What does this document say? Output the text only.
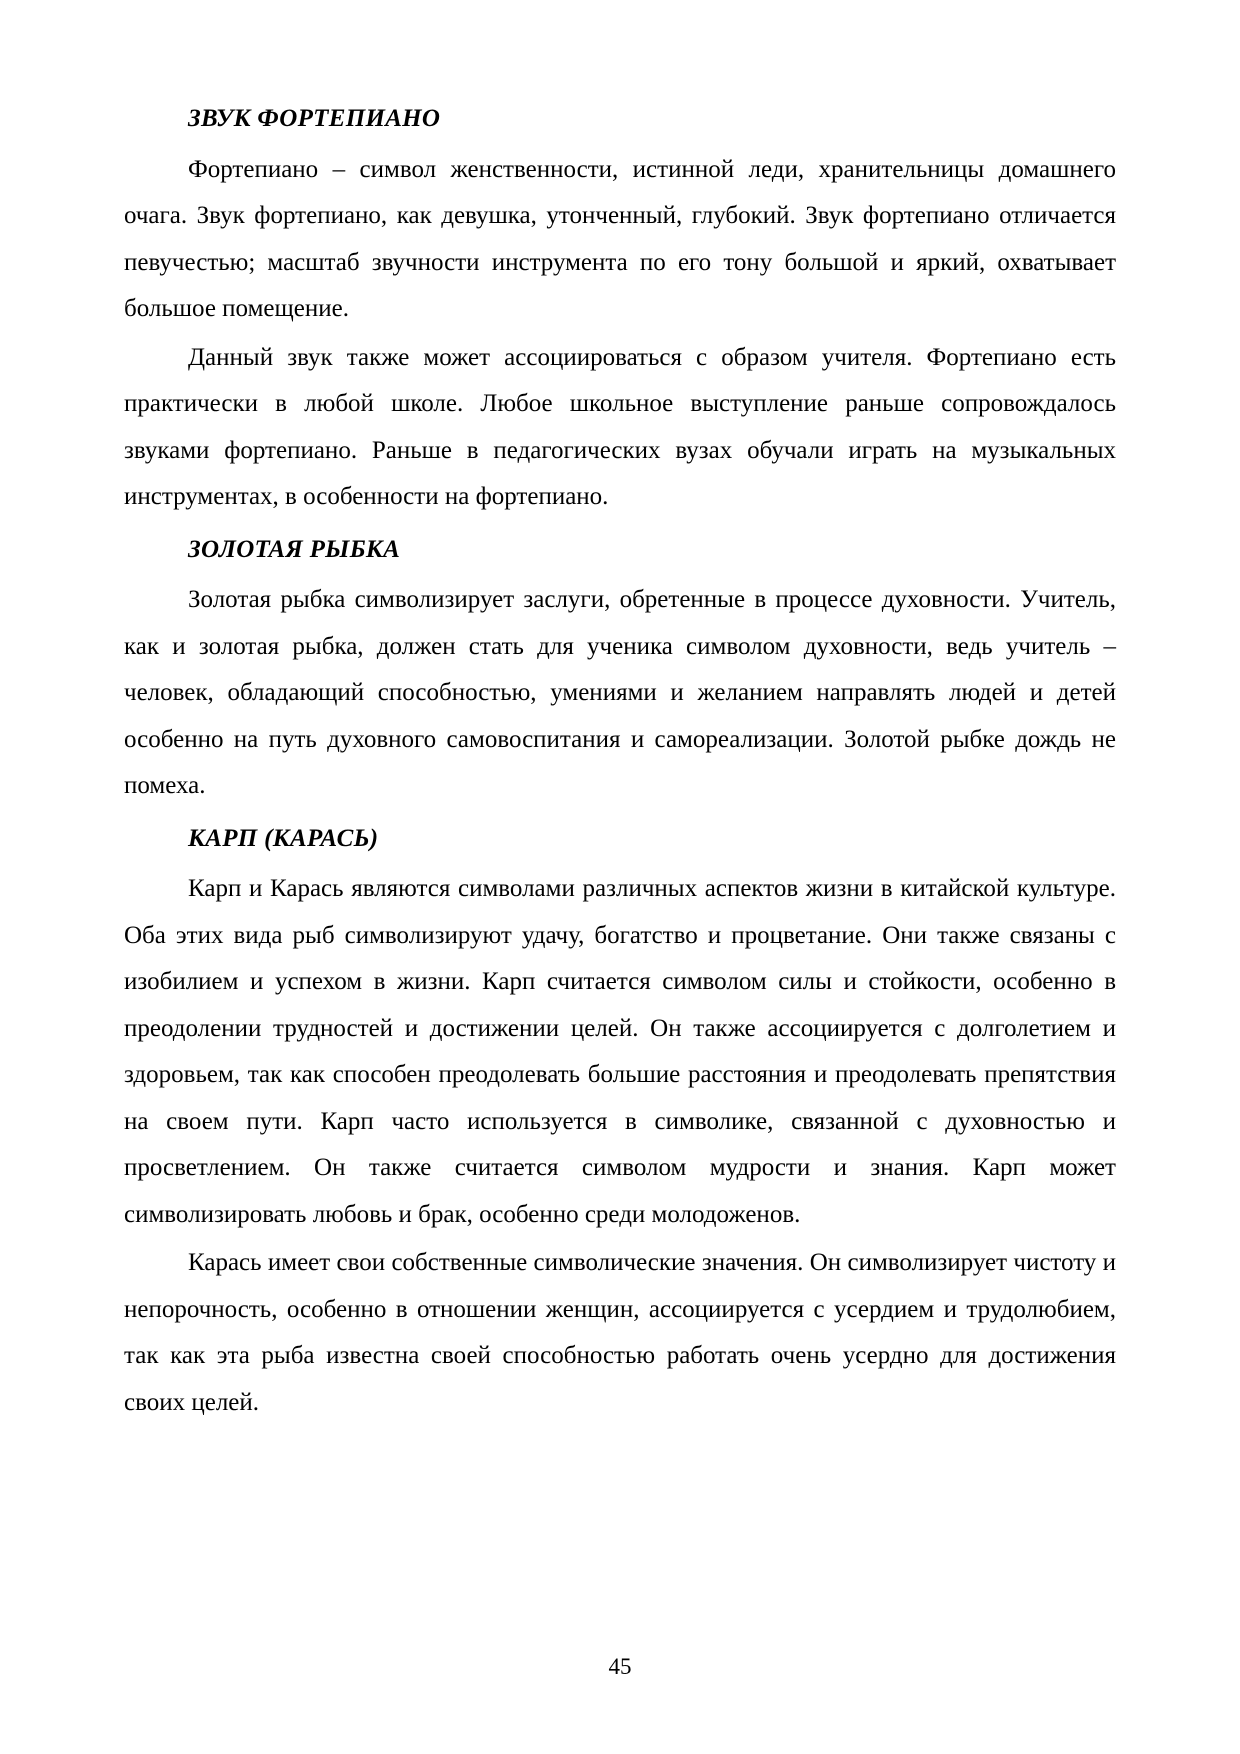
ЗВУК ФОРТЕПИАНО

Фортепиано – символ женственности, истинной леди, хранительницы домашнего очага. Звук фортепиано, как девушка, утонченный, глубокий. Звук фортепиано отличается певучестью; масштаб звучности инструмента по его тону большой и яркий, охватывает большое помещение.

Данный звук также может ассоциироваться с образом учителя. Фортепиано есть практически в любой школе. Любое школьное выступление раньше сопровождалось звуками фортепиано. Раньше в педагогических вузах обучали играть на музыкальных инструментах, в особенности на фортепиано.

ЗОЛОТАЯ РЫБКА

Золотая рыбка символизирует заслуги, обретенные в процессе духовности. Учитель, как и золотая рыбка, должен стать для ученика символом духовности, ведь учитель – человек, обладающий способностью, умениями и желанием направлять людей и детей особенно на путь духовного самовоспитания и самореализации. Золотой рыбке дождь не помеха.

КАРП (КАРАСЬ)

Карп и Карась являются символами различных аспектов жизни в китайской культуре. Оба этих вида рыб символизируют удачу, богатство и процветание. Они также связаны с изобилием и успехом в жизни. Карп считается символом силы и стойкости, особенно в преодолении трудностей и достижении целей. Он также ассоциируется с долголетием и здоровьем, так как способен преодолевать большие расстояния и преодолевать препятствия на своем пути. Карп часто используется в символике, связанной с духовностью и просветлением. Он также считается символом мудрости и знания. Карп может символизировать любовь и брак, особенно среди молодоженов.

Карась имеет свои собственные символические значения. Он символизирует чистоту и непорочность, особенно в отношении женщин, ассоциируется с усердием и трудолюбием, так как эта рыба известна своей способностью работать очень усердно для достижения своих целей.

45
